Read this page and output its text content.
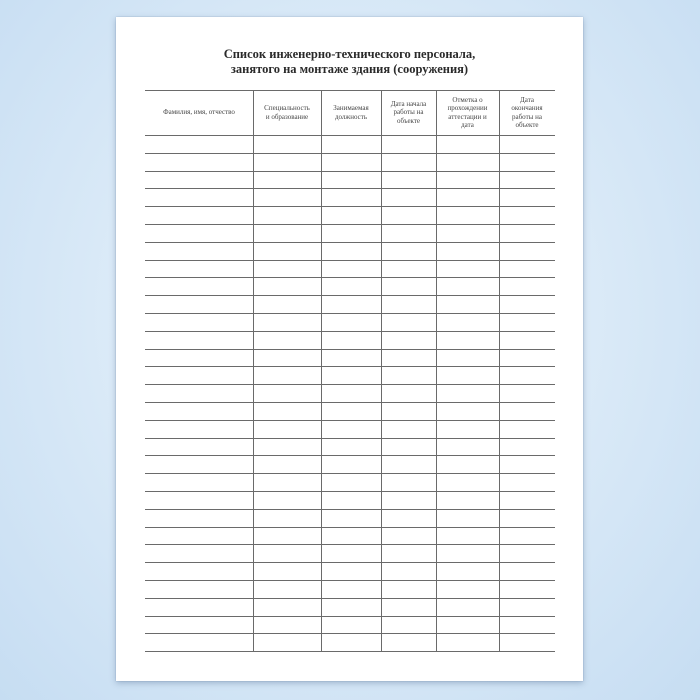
Список инженерно-технического персонала,
занятого на монтаже здания (сооружения)
Фамилия, имя, отчество
Специальность
и образование
Занимаемая
должность
Дата начала
работы на
объекте
Отметка о
прохождении
аттестации и
дата
Дата
окончания
работы на
объекте
